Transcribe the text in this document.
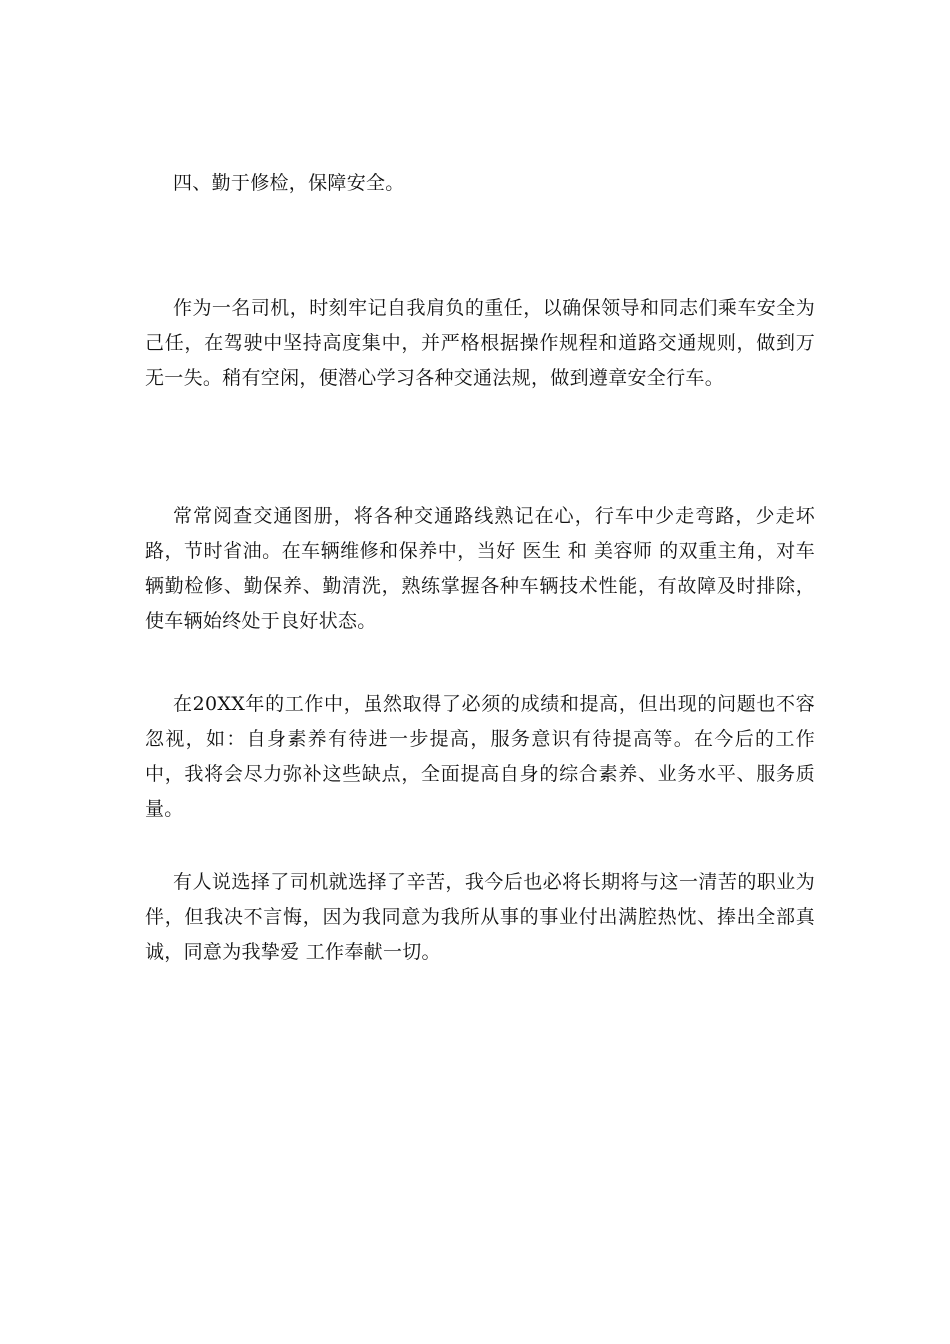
四、勤于修检，保障安全。

作为一名司机，时刻牢记自我肩负的重任，以确保领导和同志们乘车安全为己任，在驾驶中坚持高度集中，并严格根据操作规程和道路交通规则，做到万无一失。稍有空闲，便潜心学习各种交通法规，做到遵章安全行车。

常常阅查交通图册，将各种交通路线熟记在心，行车中少走弯路，少走坏路，节时省油。在车辆维修和保养中，当好 医生 和 美容师 的双重主角，对车辆勤检修、勤保养、勤清洗，熟练掌握各种车辆技术性能，有故障及时排除，使车辆始终处于良好状态。

在20XX年的工作中，虽然取得了必须的成绩和提高，但出现的问题也不容忽视，如：自身素养有待进一步提高，服务意识有待提高等。在今后的工作中，我将会尽力弥补这些缺点，全面提高自身的综合素养、业务水平、服务质量。

有人说选择了司机就选择了辛苦，我今后也必将长期将与这一清苦的职业为伴，但我决不言悔，因为我同意为我所从事的事业付出满腔热忱、捧出全部真诚，同意为我挚爱 工作奉献一切。
